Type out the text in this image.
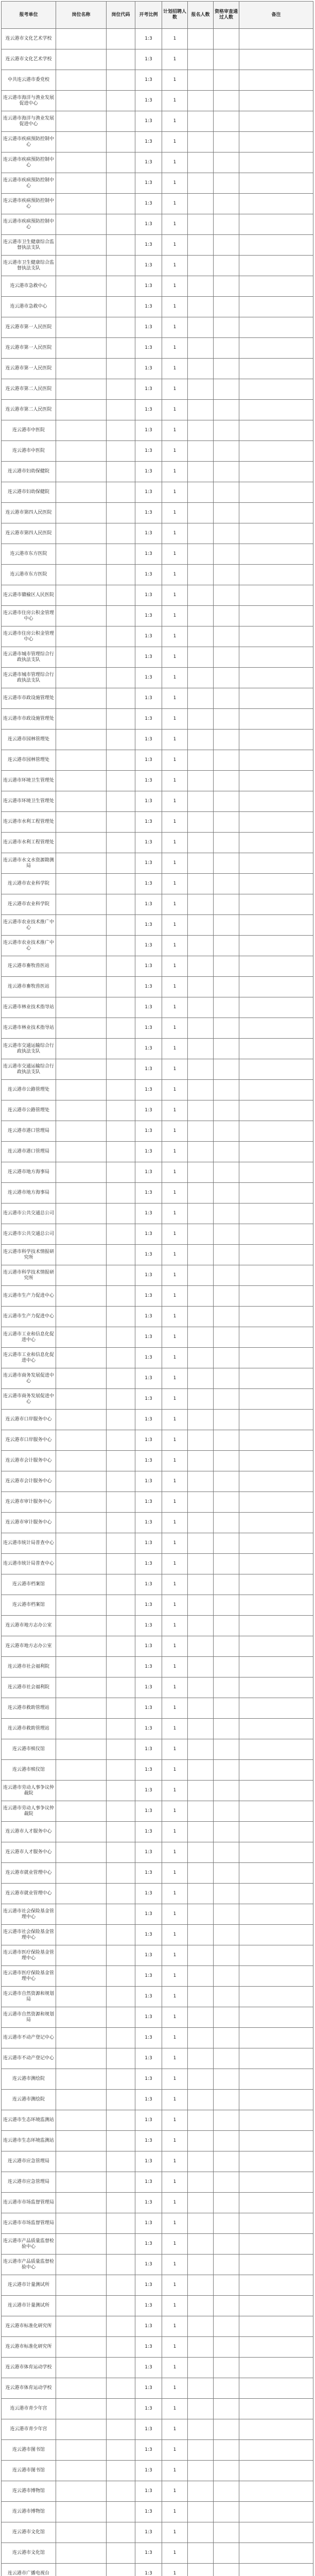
报考单位	岗位名称	岗位代码	开考比例	计划招聘人数	报名人数	资格审查通过人数	备注
连云港市文化艺术学校			1:3	1			
连云港市文化艺术学校			1:3	1			
中共连云港市委党校			1:3	1			
连云港市海洋与渔业发展促进中心			1:3	1			
连云港市海洋与渔业发展促进中心			1:3	1			
连云港市疾病预防控制中心			1:3	1			
连云港市疾病预防控制中心			1:3	1			
连云港市疾病预防控制中心			1:3	1			
连云港市疾病预防控制中心			1:3	1			
连云港市疾病预防控制中心			1:3	1			
连云港市卫生健康综合监督执法支队			1:3	1			
连云港市卫生健康综合监督执法支队			1:3	1			
连云港市急救中心			1:3	1			
连云港市急救中心			1:3	1			
连云港市第一人民医院			1:3	1			
连云港市第一人民医院			1:3	1			
连云港市第一人民医院			1:3	1			
连云港市第二人民医院			1:3	1			
连云港市第二人民医院			1:3	1			
连云港市中医院			1:3	1			
连云港市中医院			1:3	1			
连云港市妇幼保健院			1:3	1			
连云港市妇幼保健院			1:3	1			
连云港市第四人民医院			1:3	1			
连云港市第四人民医院			1:3	1			
连云港市东方医院			1:3	1			
连云港市东方医院			1:3	1			
连云港市赣榆区人民医院			1:3	1			
连云港市住房公积金管理中心			1:3	1			
连云港市住房公积金管理中心			1:3	1			
连云港市城市管理综合行政执法支队			1:3	1			
连云港市城市管理综合行政执法支队			1:3	1			
连云港市市政设施管理处			1:3	1			
连云港市市政设施管理处			1:3	1			
连云港市园林管理处			1:3	1			
连云港市园林管理处			1:3	1			
连云港市环境卫生管理处			1:3	1			
连云港市环境卫生管理处			1:3	1			
连云港市水利工程管理处			1:3	1			
连云港市水利工程管理处			1:3	1			
连云港市水文水资源勘测局			1:3	1			
连云港市农业科学院			1:3	1			
连云港市农业科学院			1:3	1			
连云港市农业技术推广中心			1:3	1			
连云港市农业技术推广中心			1:3	1			
连云港市畜牧兽医站			1:3	1			
连云港市畜牧兽医站			1:3	1			
连云港市林业技术指导站			1:3	1			
连云港市林业技术指导站			1:3	1			
连云港市交通运输综合行政执法支队			1:3	1			
连云港市交通运输综合行政执法支队			1:3	1			
连云港市公路管理处			1:3	1			
连云港市公路管理处			1:3	1			
连云港市港口管理局			1:3	1			
连云港市港口管理局			1:3	1			
连云港市地方海事局			1:3	1			
连云港市地方海事局			1:3	1			
连云港市公共交通总公司			1:3	1			
连云港市公共交通总公司			1:3	1			
连云港市科学技术情报研究所			1:3	1			
连云港市科学技术情报研究所			1:3	1			
连云港市生产力促进中心			1:3	1			
连云港市生产力促进中心			1:3	1			
连云港市工业和信息化促进中心			1:3	1			
连云港市工业和信息化促进中心			1:3	1			
连云港市商务发展促进中心			1:3	1			
连云港市商务发展促进中心			1:3	1			
连云港市口岸服务中心			1:3	1			
连云港市口岸服务中心			1:3	1			
连云港市会计服务中心			1:3	1			
连云港市会计服务中心			1:3	1			
连云港市审计服务中心			1:3	1			
连云港市审计服务中心			1:3	1			
连云港市统计局普查中心			1:3	1			
连云港市统计局普查中心			1:3	1			
连云港市档案馆			1:3	1			
连云港市档案馆			1:3	1			
连云港市地方志办公室			1:3	1			
连云港市地方志办公室			1:3	1			
连云港市社会福利院			1:3	1			
连云港市社会福利院			1:3	1			
连云港市救助管理站			1:3	1			
连云港市救助管理站			1:3	1			
连云港市殡仪馆			1:3	1			
连云港市殡仪馆			1:3	1			
连云港市劳动人事争议仲裁院			1:3	1			
连云港市劳动人事争议仲裁院			1:3	1			
连云港市人才服务中心			1:3	1			
连云港市人才服务中心			1:3	1			
连云港市就业管理中心			1:3	1			
连云港市就业管理中心			1:3	1			
连云港市社会保险基金管理中心			1:3	1			
连云港市社会保险基金管理中心			1:3	1			
连云港市医疗保险基金管理中心			1:3	1			
连云港市医疗保险基金管理中心			1:3	1			
连云港市自然资源和规划局			1:3	1			
连云港市自然资源和规划局			1:3	1			
连云港市不动产登记中心			1:3	1			
连云港市不动产登记中心			1:3	1			
连云港市测绘院			1:3	1			
连云港市测绘院			1:3	1			
连云港市生态环境监测站			1:3	1			
连云港市生态环境监测站			1:3	1			
连云港市应急管理局			1:3	1			
连云港市应急管理局			1:3	1			
连云港市市场监督管理局			1:3	1			
连云港市市场监督管理局			1:3	1			
连云港市产品质量监督检验中心			1:3	1			
连云港市产品质量监督检验中心			1:3	1			
连云港市计量测试所			1:3	1			
连云港市计量测试所			1:3	1			
连云港市标准化研究所			1:3	1			
连云港市标准化研究所			1:3	1			
连云港市体育运动学校			1:3	1			
连云港市体育运动学校			1:3	1			
连云港市青少年宫			1:3	1			
连云港市青少年宫			1:3	1			
连云港市图书馆			1:3	1			
连云港市图书馆			1:3	1			
连云港市博物馆			1:3	1			
连云港市博物馆			1:3	1			
连云港市文化馆			1:3	1			
连云港市文化馆			1:3	1			
连云港市广播电视台			1:3	1			
